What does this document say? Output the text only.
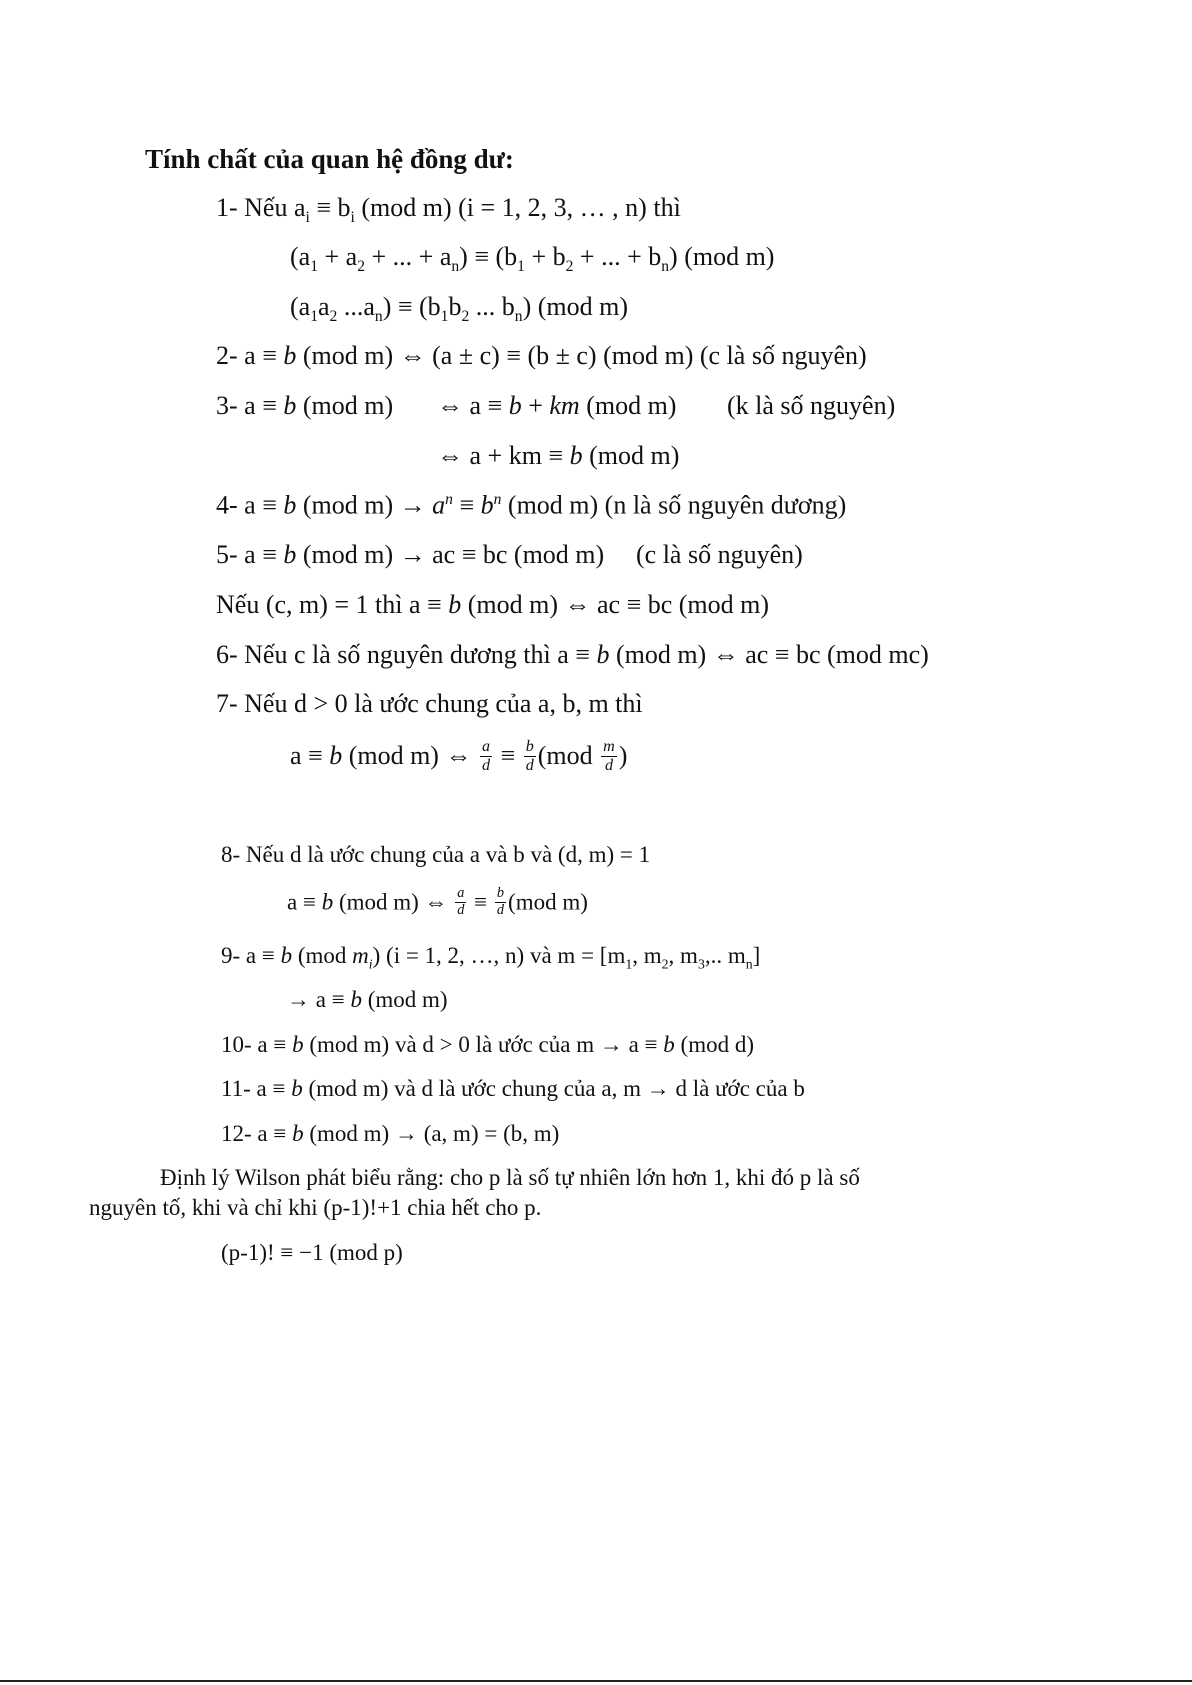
Tính chất của quan hệ đồng dư:
1- Nếu $a_i \equiv b_i$ (mod m) (i = 1, 2, 3, … , n) thì
($a_1 + a_2$ + ... + $a_n) \equiv (b_1 + b_2$ + ... + $b_n$) (mod m)
($a_1a_2$ $...a_n) \equiv (b_1b_2$ ... $b_n$) (mod m)
2- a ≡ b (mod m) ⇔ (a ± c) ≡ (b ± c) (mod m) (c là số nguyên)
3- a ≡ b (mod m) ⇔ a ≡ b + km (mod m) (k là số nguyên)
⇔ a + km ≡ b (mod m)
4- a ≡ b (mod $m) \to a^n \equiv b^n$ (mod m) (n là số nguyên dương)
5- a ≡ b (mod m) → ac ≡ bc (mod m) (c là số nguyên)
Nếu (c, m) = 1 thì a ≡ b (mod m) ⇔ ac ≡ bc (mod m)
6- Nếu c là số nguyên dương thì a ≡ b (mod m) ⇔ ac ≡ bc (mod mc)
7- Nếu d > 0 là ước chung của a, b, m thì
a ≡ b (mod m) ⇔ $\frac{a}{d} \equiv \frac{b}{d} (mod \frac{m}{d}$ )
8- Nếu d là ước chung của a và b và (d, m) = 1
a ≡ b (mod m) ⇔ $\frac{a}{d} \equiv \frac{b}{d} (mod$ m)
9- a ≡ b (mod $m_i$) (i = 1, 2, …, n) và $m = [m_1$, $m_2$, $m_3$,.. $m_n$]
→ a ≡ b (mod m)
10- a ≡ b (mod m) và d > 0 là ước của m → a ≡ b (mod d)
11- a ≡ b (mod m) và d là ước chung của a, m → d là ước của b
12- a ≡ b (mod m) → (a, m) = (b, m)
Định lý Wilson phát biểu rằng: cho p là số tự nhiên lớn hơn 1, khi đó p là số
nguyên tố, khi và chỉ khi (p-1)!+1 chia hết cho p.
(p-1)! ≡ −1 (mod p)
